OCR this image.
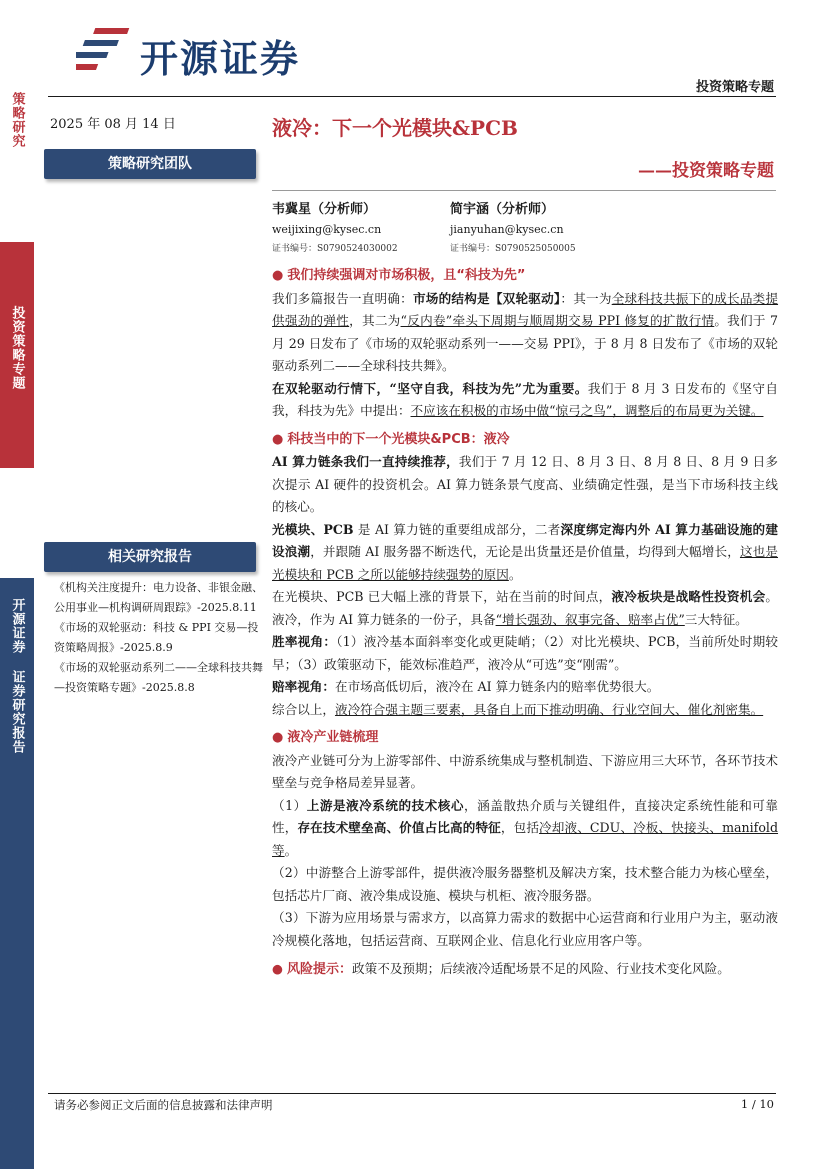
策略研究
投资策略专题
开源证券 证券研究报告
开源证券
投资策略专题
2025 年 08 月 14 日	液冷：下一个光模块&PCB
——投资策略专题
策略研究团队
韦冀星（分析师）
weijixing@kysec.cn
证书编号：S0790524030002
简宇涵（分析师）
jianyuhan@kysec.cn
证书编号：S0790525050005
● 我们持续强调对市场积极，且“科技为先”
我们多篇报告一直明确：市场的结构是【双轮驱动】：其一为全球科技共振下的成长品类提供强劲的弹性，其二为“反内卷”牵头下周期与顺周期交易 PPI 修复的扩散行情。我们于 7 月 29 日发布了《市场的双轮驱动系列一——交易 PPI》，于 8 月 8 日发布了《市场的双轮驱动系列二——全球科技共舞》。
在双轮驱动行情下，“坚守自我，科技为先”尤为重要。我们于 8 月 3 日发布的《坚守自我，科技为先》中提出：不应该在积极的市场中做“惊弓之鸟”，调整后的布局更为关键。
● 科技当中的下一个光模块&PCB：液冷
AI 算力链条我们一直持续推荐，我们于 7 月 12 日、8 月 3 日、8 月 8 日、8 月 9 日多次提示 AI 硬件的投资机会。AI 算力链条景气度高、业绩确定性强，是当下市场科技主线的核心。
光模块、PCB 是 AI 算力链的重要组成部分，二者深度绑定海内外 AI 算力基础设施的建设浪潮，并跟随 AI 服务器不断迭代，无论是出货量还是价值量，均得到大幅增长，这也是光模块和 PCB 之所以能够持续强势的原因。
在光模块、PCB 已大幅上涨的背景下，站在当前的时间点，液冷板块是战略性投资机会。液冷，作为 AI 算力链条的一份子，具备“增长强劲、叙事完备、赔率占优”三大特征。
胜率视角：（1）液冷基本面斜率变化或更陡峭；（2）对比光模块、PCB，当前所处时期较早；（3）政策驱动下，能效标准趋严，液冷从“可选”变“刚需”。
赔率视角：在市场高低切后，液冷在 AI 算力链条内的赔率优势很大。
综合以上，液冷符合强主题三要素，具备自上而下推动明确、行业空间大、催化剂密集。
● 液冷产业链梳理
液冷产业链可分为上游零部件、中游系统集成与整机制造、下游应用三大环节，各环节技术壁垒与竞争格局差异显著。
（1）上游是液冷系统的技术核心，涵盖散热介质与关键组件，直接决定系统性能和可靠性，存在技术壁垒高、价值占比高的特征，包括冷却液、CDU、冷板、快接头、manifold 等。
（2）中游整合上游零部件，提供液冷服务器整机及解决方案，技术整合能力为核心壁垒，包括芯片厂商、液冷集成设施、模块与机柜、液冷服务器。
（3）下游为应用场景与需求方，以高算力需求的数据中心运营商和行业用户为主，驱动液冷规模化落地，包括运营商、互联网企业、信息化行业应用客户等。
● 风险提示：政策不及预期；后续液冷适配场景不足的风险、行业技术变化风险。
相关研究报告
《机构关注度提升：电力设备、非银金融、公用事业—机构调研周跟踪》-2025.8.11
《市场的双轮驱动：科技 & PPI 交易—投资策略周报》-2025.8.9
《市场的双轮驱动系列二——全球科技共舞—投资策略专题》-2025.8.8
请务必参阅正文后面的信息披露和法律声明	1 / 10
